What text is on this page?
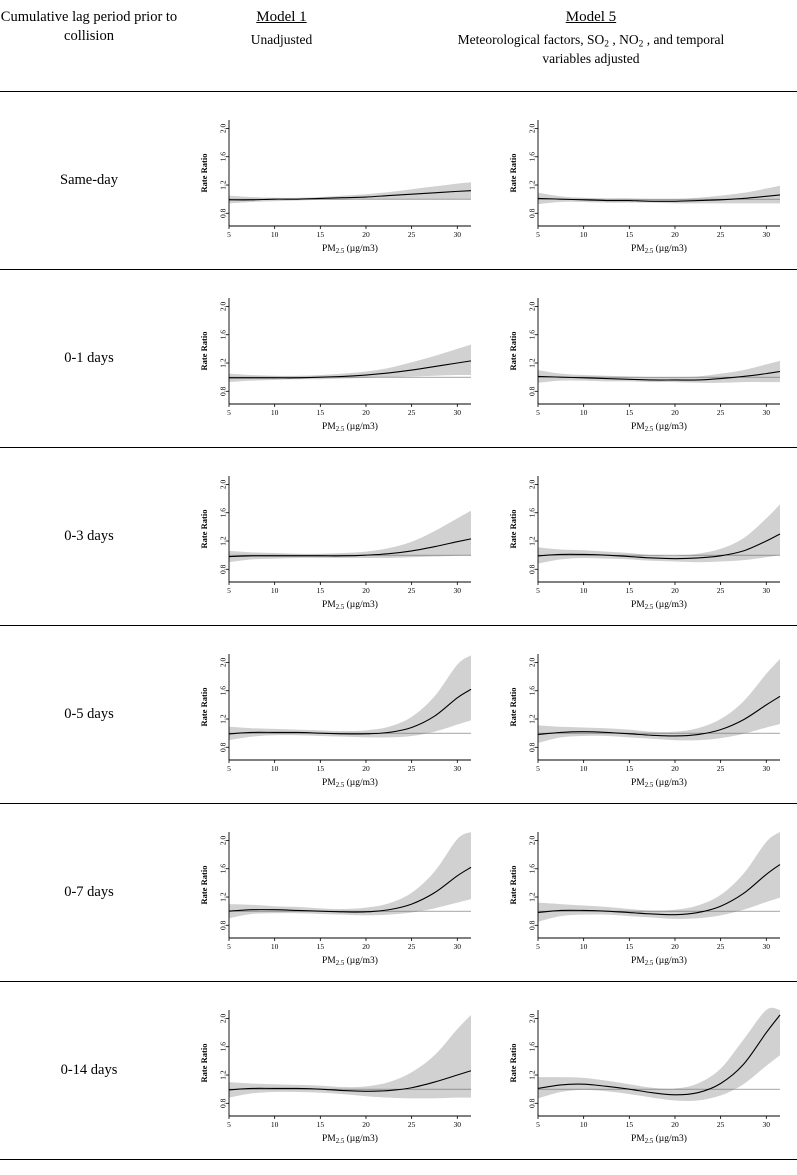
Cumulative lag period prior to collision
Model 1
Unadjusted
Model 5
Meteorological factors, $SO_2$ , $NO_2$ , and temporal
variables adjusted
Same-day
0.8
1.2
1.6
2.0
5	10	15	20	25	30
Rate Ratio
$PM_{2.5}$ (µg/m3)
0.8
1.2
1.6
2.0
5	10	15	20	25	30
Rate Ratio
$PM_{2.5}$ (µg/m3)
0-1 days
0.8
1.2
1.6
2.0
5	10	15	20	25	30
Rate Ratio
$PM_{2.5}$ (µg/m3)
0.8
1.2
1.6
2.0
5	10	15	20	25	30
Rate Ratio
$PM_{2.5}$ (µg/m3)
0-3 days
0.8
1.2
1.6
2.0
5	10	15	20	25	30
Rate Ratio
$PM_{2.5}$ (µg/m3)
0.8
1.2
1.6
2.0
5	10	15	20	25	30
Rate Ratio
$PM_{2.5}$ (µg/m3)
0-5 days
0.8
1.2
1.6
2.0
5	10	15	20	25	30
Rate Ratio
$PM_{2.5}$ (µg/m3)
0.8
1.2
1.6
2.0
5	10	15	20	25	30
Rate Ratio
$PM_{2.5}$ (µg/m3)
0-7 days
0.8
1.2
1.6
2.0
5	10	15	20	25	30
Rate Ratio
$PM_{2.5}$ (µg/m3)
0.8
1.2
1.6
2.0
5	10	15	20	25	30
Rate Ratio
$PM_{2.5}$ (µg/m3)
0-14 days
0.8
1.2
1.6
2.0
5	10	15	20	25	30
Rate Ratio
$PM_{2.5}$ (µg/m3)
0.8
1.2
1.6
2.0
5	10	15	20	25	30
Rate Ratio
$PM_{2.5}$ (µg/m3)
